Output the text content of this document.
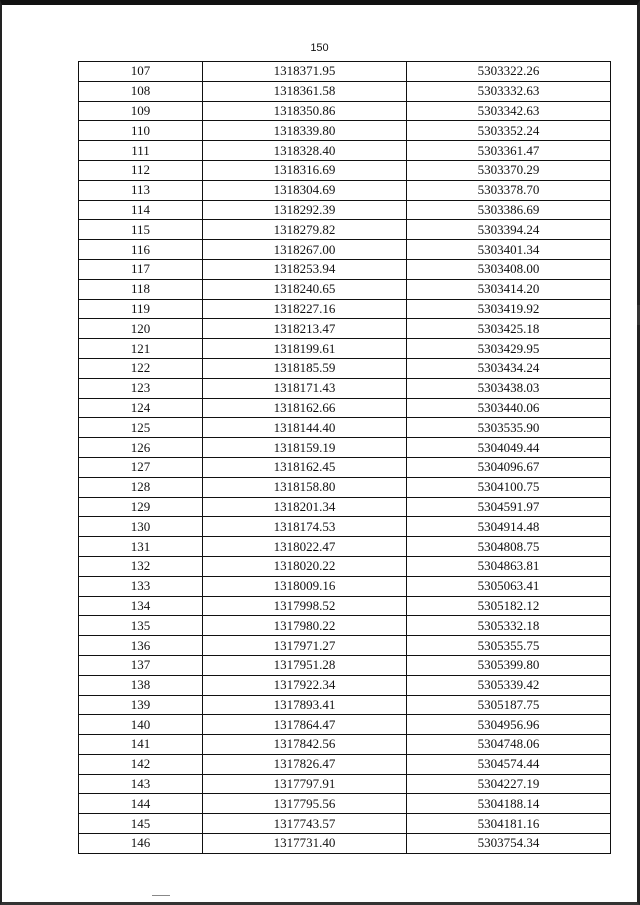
150
107	1318371.95	5303322.26
108	1318361.58	5303332.63
109	1318350.86	5303342.63
110	1318339.80	5303352.24
111	1318328.40	5303361.47
112	1318316.69	5303370.29
113	1318304.69	5303378.70
114	1318292.39	5303386.69
115	1318279.82	5303394.24
116	1318267.00	5303401.34
117	1318253.94	5303408.00
118	1318240.65	5303414.20
119	1318227.16	5303419.92
120	1318213.47	5303425.18
121	1318199.61	5303429.95
122	1318185.59	5303434.24
123	1318171.43	5303438.03
124	1318162.66	5303440.06
125	1318144.40	5303535.90
126	1318159.19	5304049.44
127	1318162.45	5304096.67
128	1318158.80	5304100.75
129	1318201.34	5304591.97
130	1318174.53	5304914.48
131	1318022.47	5304808.75
132	1318020.22	5304863.81
133	1318009.16	5305063.41
134	1317998.52	5305182.12
135	1317980.22	5305332.18
136	1317971.27	5305355.75
137	1317951.28	5305399.80
138	1317922.34	5305339.42
139	1317893.41	5305187.75
140	1317864.47	5304956.96
141	1317842.56	5304748.06
142	1317826.47	5304574.44
143	1317797.91	5304227.19
144	1317795.56	5304188.14
145	1317743.57	5304181.16
146	1317731.40	5303754.34
